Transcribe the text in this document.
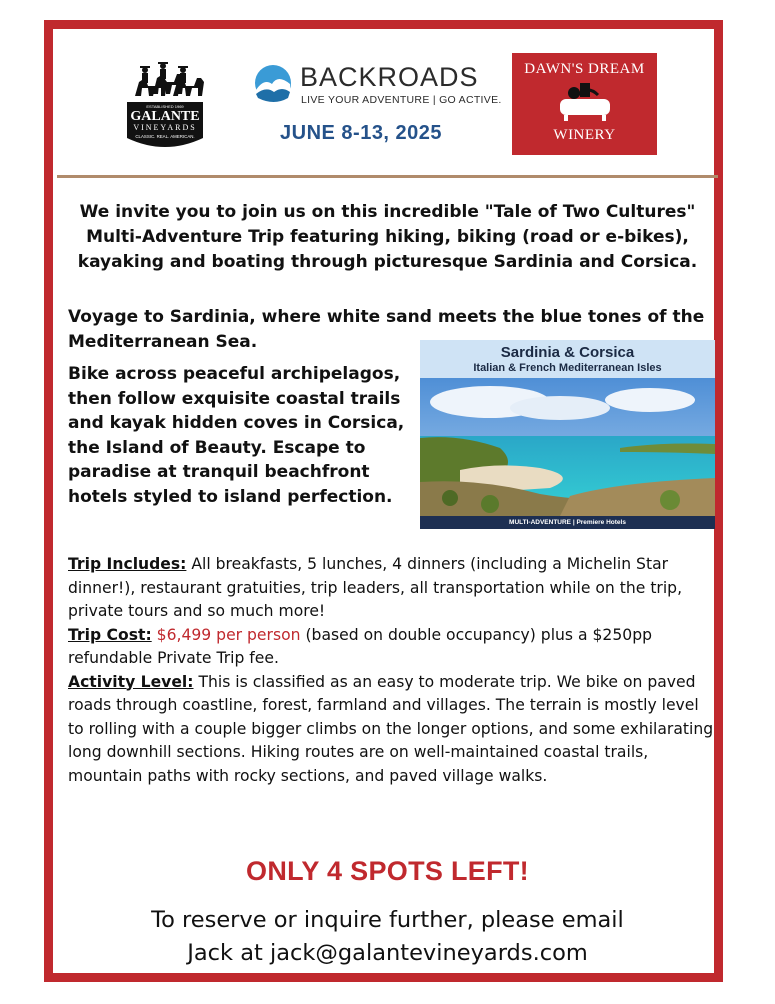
ESTABLISHED 1969
GALANTE
VINEYARDS
CLASSIC. REAL. AMERICAN.
BACKROADS
LIVE YOUR ADVENTURE | GO ACTIVE.
JUNE 8-13, 2025
DAWN'S DREAM
WINERY
We invite you to join us on this incredible "Tale of Two Cultures" Multi-Adventure Trip featuring hiking, biking (road or e-bikes), kayaking and boating through picturesque Sardinia and Corsica.
Voyage to Sardinia, where white sand meets the blue tones of the Mediterranean Sea.
Bike across peaceful archipelagos, then follow exquisite coastal trails and kayak hidden coves in Corsica, the Island of Beauty. Escape to paradise at tranquil beachfront hotels styled to island perfection.
Sardinia & Corsica
Italian & French Mediterranean Isles
MULTI-ADVENTURE | Premiere Hotels

Trip Includes: All breakfasts, 5 lunches, 4 dinners (including a Michelin Star dinner!), restaurant gratuities, trip leaders, all transportation while on the trip, private tours and so much more!

Trip Cost: $6,499 per person (based on double occupancy) plus a $250pp refundable Private Trip fee.

Activity Level: This is classified as an easy to moderate trip. We bike on paved roads through coastline, forest, farmland and villages. The terrain is mostly level to rolling with a couple bigger climbs on the longer options, and some exhilarating long downhill sections. Hiking routes are on well-maintained coastal trails, mountain paths with rocky sections, and paved village walks.

ONLY 4 SPOTS LEFT!
To reserve or inquire further, please email
Jack at jack@galantevineyards.com
